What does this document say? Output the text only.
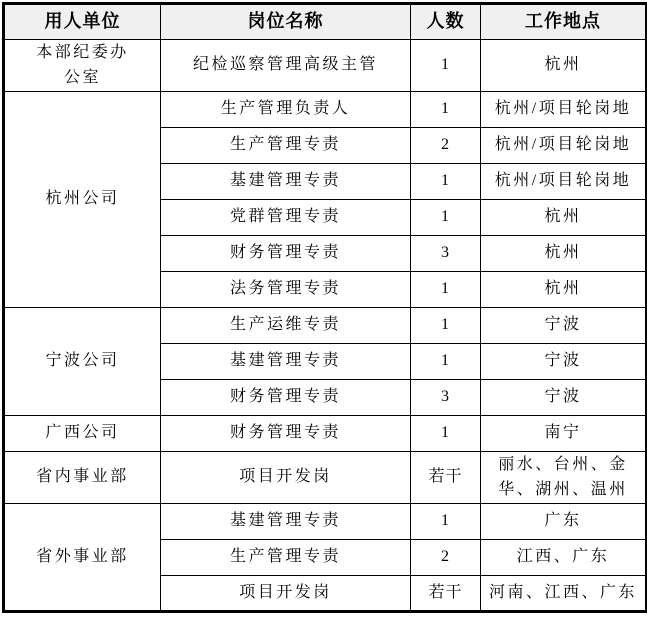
用人单位	岗位名称	人数	工作地点
本部纪委办公室	纪检巡察管理高级主管	1	杭州
杭州公司	生产管理负责人	1	杭州/项目轮岗地
	生产管理专责	2	杭州/项目轮岗地
	基建管理专责	1	杭州/项目轮岗地
	党群管理专责	1	杭州
	财务管理专责	3	杭州
	法务管理专责	1	杭州
宁波公司	生产运维专责	1	宁波
	基建管理专责	1	宁波
	财务管理专责	3	宁波
广西公司	财务管理专责	1	南宁
省内事业部	项目开发岗	若干	丽水、台州、金华、湖州、温州
省外事业部	基建管理专责	1	广东
	生产管理专责	2	江西、广东
	项目开发岗	若干	河南、江西、广东
